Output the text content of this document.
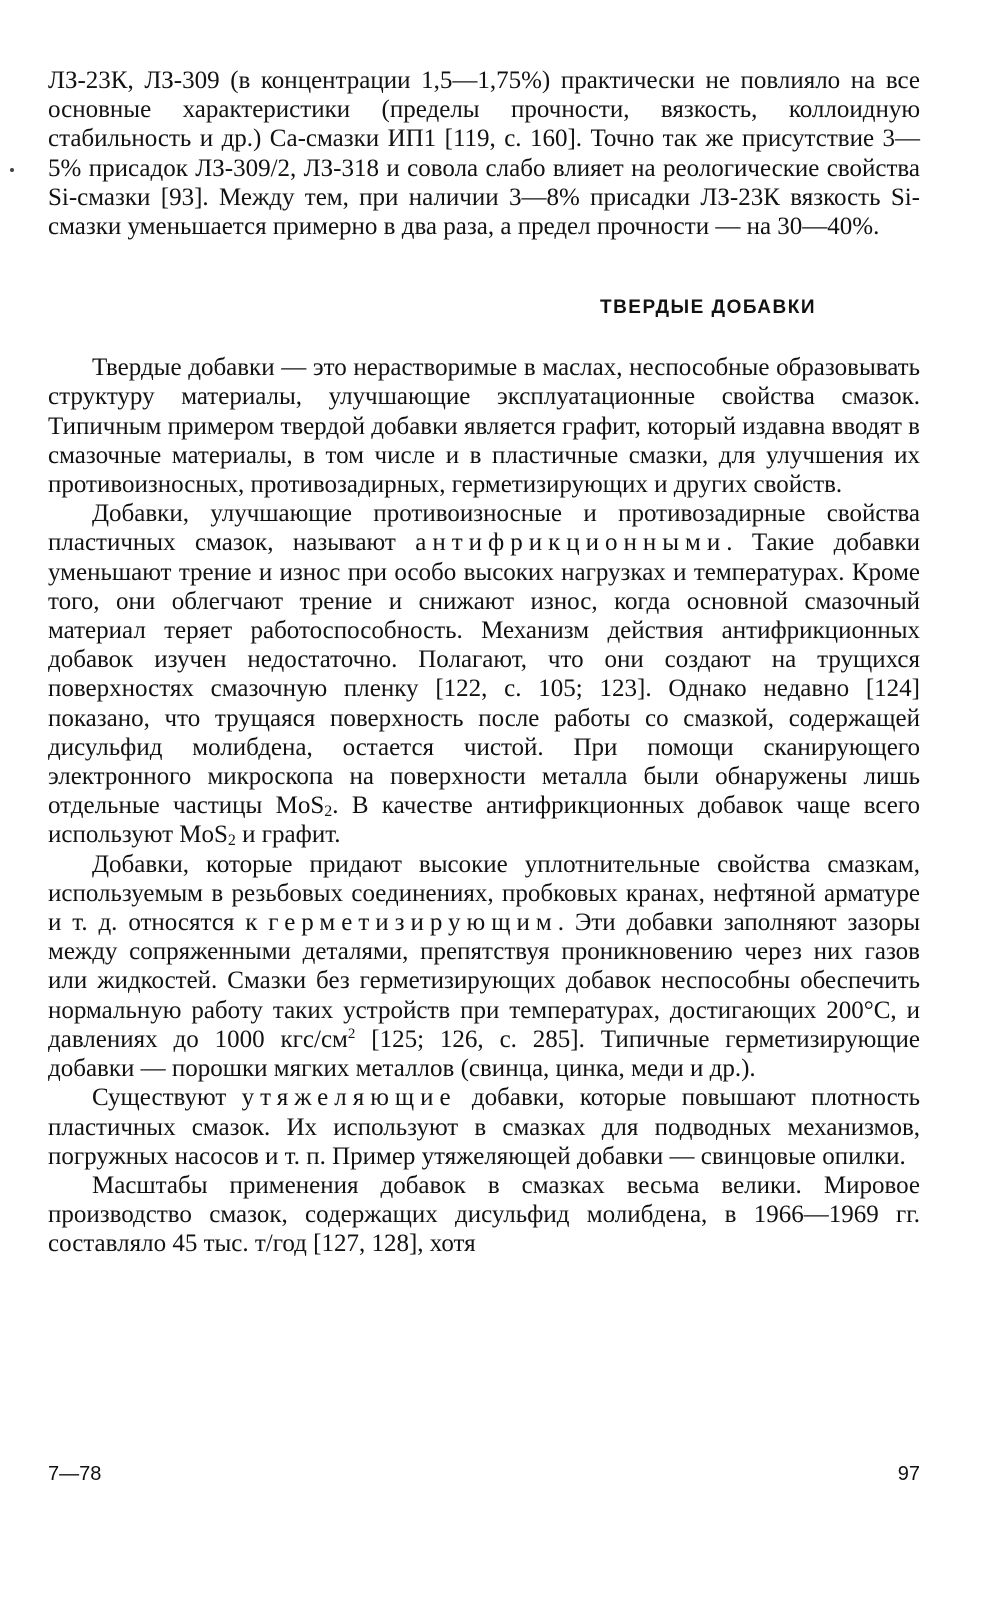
ЛЗ-23К, ЛЗ-309 (в концентрации 1,5—1,75%) практически не повлияло на все основные характеристики (пределы прочности, вязкость, коллоидную стабильность и др.) Са-смазки ИП1 [119, с. 160]. Точно так же присутствие 3—5% присадок ЛЗ-309/2, ЛЗ-318 и совола слабо влияет на реологические свойства Si-смазки [93]. Между тем, при наличии 3—8% присадки ЛЗ-23К вязкость Si-смазки уменьшается примерно в два раза, а предел прочности — на 30—40%.

ТВЕРДЫЕ ДОБАВКИ

Твердые добавки — это нерастворимые в маслах, неспособные образовывать структуру материалы, улучшающие эксплуатационные свойства смазок. Типичным примером твердой добавки является графит, который издавна вводят в смазочные материалы, в том числе и в пластичные смазки, для улучшения их противоизносных, противозадирных, герметизирующих и других свойств.

Добавки, улучшающие противоизносные и противозадирные свойства пластичных смазок, называют антифрикционными. Такие добавки уменьшают трение и износ при особо высоких нагрузках и температурах. Кроме того, они облегчают трение и снижают износ, когда основной смазочный материал теряет работоспособность. Механизм действия антифрикционных добавок изучен недостаточно. Полагают, что они создают на трущихся поверхностях смазочную пленку [122, с. 105; 123]. Однако недавно [124] показано, что трущаяся поверхность после работы со смазкой, содержащей дисульфид молибдена, остается чистой. При помощи сканирующего электронного микроскопа на поверхности металла были обнаружены лишь отдельные частицы MoS$_2$. В качестве антифрикционных добавок чаще всего используют MoS$_2$ и графит.

Добавки, которые придают высокие уплотнительные свойства смазкам, используемым в резьбовых соединениях, пробковых кранах, нефтяной арматуре и т. д. относятся к герметизирующим. Эти добавки заполняют зазоры между сопряженными деталями, препятствуя проникновению через них газов или жидкостей. Смазки без герметизирующих добавок неспособны обеспечить нормальную работу таких устройств при температурах, достигающих 200°С, и давлениях до 1000 кгс/$см^2$ [125; 126, с. 285]. Типичные герметизирующие добавки — порошки мягких металлов (свинца, цинка, меди и др.).

Существуют утяжеляющие добавки, которые повышают плотность пластичных смазок. Их используют в смазках для подводных механизмов, погружных насосов и т. п. Пример утяжеляющей добавки — свинцовые опилки.

Масштабы применения добавок в смазках весьма велики. Мировое производство смазок, содержащих дисульфид молибдена, в 1966—1969 гг. составляло 45 тыс. т/год [127, 128], хотя

7—78	97
